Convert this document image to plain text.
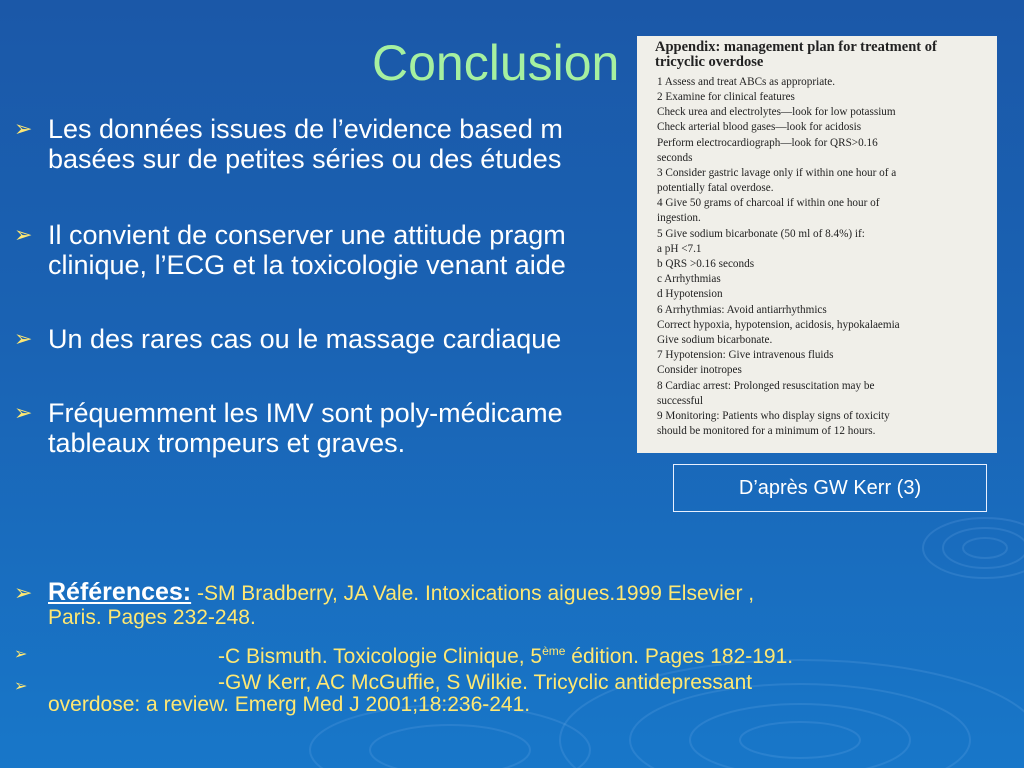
Conclusion
➢ Les données issues de l’evidence based m
basées sur de petites séries ou des études
➢ Il convient de conserver une attitude pragm
clinique, l’ECG et la toxicologie venant aide
➢ Un des rares cas ou le massage cardiaque
➢ Fréquemment les IMV sont poly-médicame
tableaux trompeurs et graves.
Appendix: management plan for treatment of tricyclic overdose
1 Assess and treat ABCs as appropriate.
2 Examine for clinical features
Check urea and electrolytes—look for low potassium
Check arterial blood gases—look for acidosis
Perform electrocardiograph—look for QRS>0.16
seconds
3 Consider gastric lavage only if within one hour of a
potentially fatal overdose.
4 Give 50 grams of charcoal if within one hour of
ingestion.
5 Give sodium bicarbonate (50 ml of 8.4%) if:
a pH <7.1
b QRS >0.16 seconds
c Arrhythmias
d Hypotension
6 Arrhythmias: Avoid antiarrhythmics
Correct hypoxia, hypotension, acidosis, hypokalaemia
Give sodium bicarbonate.
7 Hypotension: Give intravenous fluids
Consider inotropes
8 Cardiac arrest: Prolonged resuscitation may be
successful
9 Monitoring: Patients who display signs of toxicity
should be monitored for a minimum of 12 hours.
D’après GW Kerr (3)
➢ Références: -SM Bradberry, JA Vale. Intoxications aigues.1999 Elsevier ,
Paris. Pages 232-248.
➢	-C Bismuth. Toxicologie Clinique, 5ème édition. Pages 182-191.
➢	-GW Kerr, AC McGuffie, S Wilkie. Tricyclic antidepressant
overdose: a review. Emerg Med J 2001;18:236-241.
